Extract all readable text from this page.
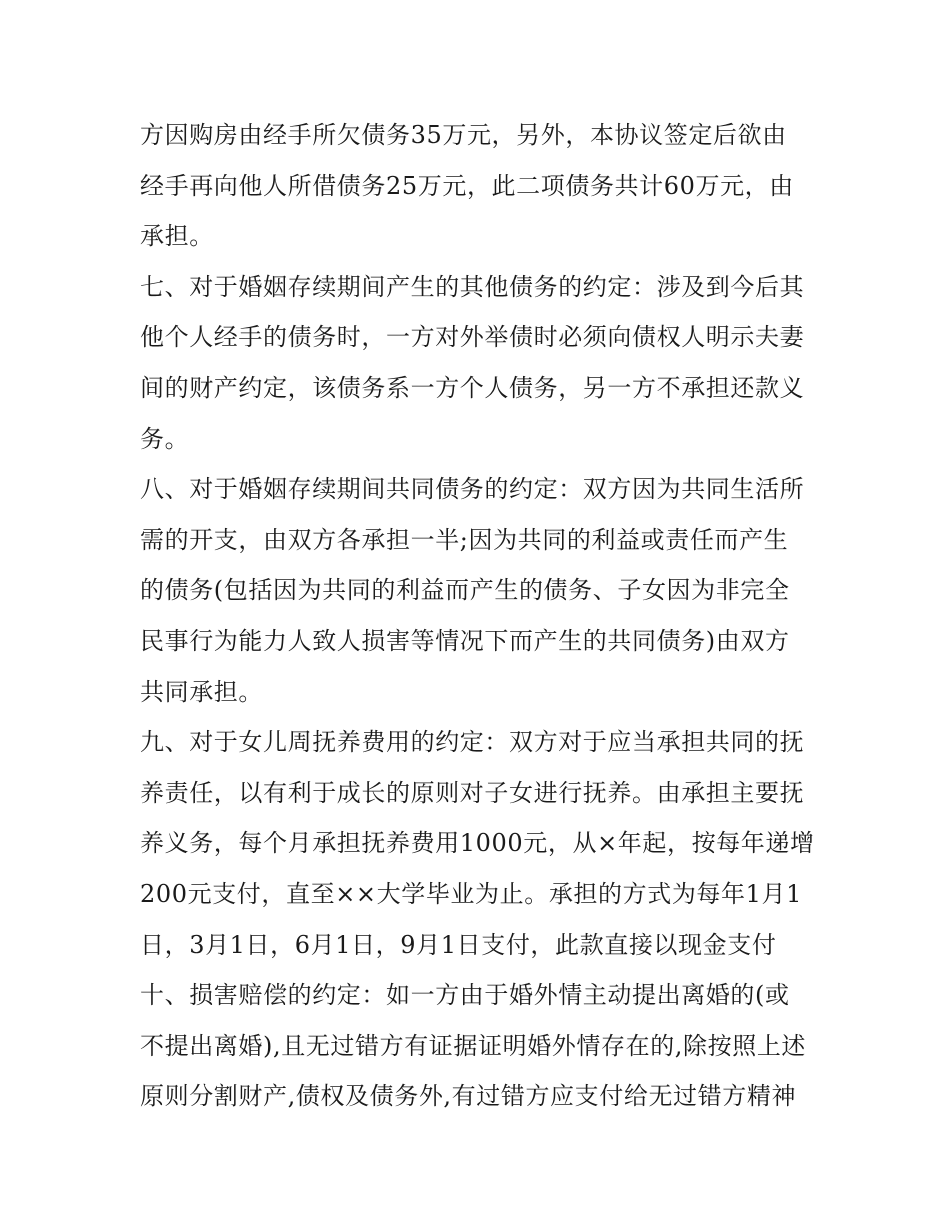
方因购房由经手所欠债务35万元，另外，本协议签定后欲由
经手再向他人所借债务25万元，此二项债务共计60万元，由
承担。
七、对于婚姻存续期间产生的其他债务的约定：涉及到今后其
他个人经手的债务时，一方对外举债时必须向债权人明示夫妻
间的财产约定，该债务系一方个人债务，另一方不承担还款义
务。
八、对于婚姻存续期间共同债务的约定：双方因为共同生活所
需的开支，由双方各承担一半;因为共同的利益或责任而产生
的债务(包括因为共同的利益而产生的债务、子女因为非完全
民事行为能力人致人损害等情况下而产生的共同债务)由双方
共同承担。
九、对于女儿周抚养费用的约定：双方对于应当承担共同的抚
养责任，以有利于成长的原则对子女进行抚养。由承担主要抚
养义务，每个月承担抚养费用1000元，从×年起，按每年递增
200元支付，直至××大学毕业为止。承担的方式为每年1月1
日，3月1日，6月1日，9月1日支付，此款直接以现金支付
十、损害赔偿的约定：如一方由于婚外情主动提出离婚的(或
不提出离婚),且无过错方有证据证明婚外情存在的,除按照上述
原则分割财产,债权及债务外,有过错方应支付给无过错方精神
